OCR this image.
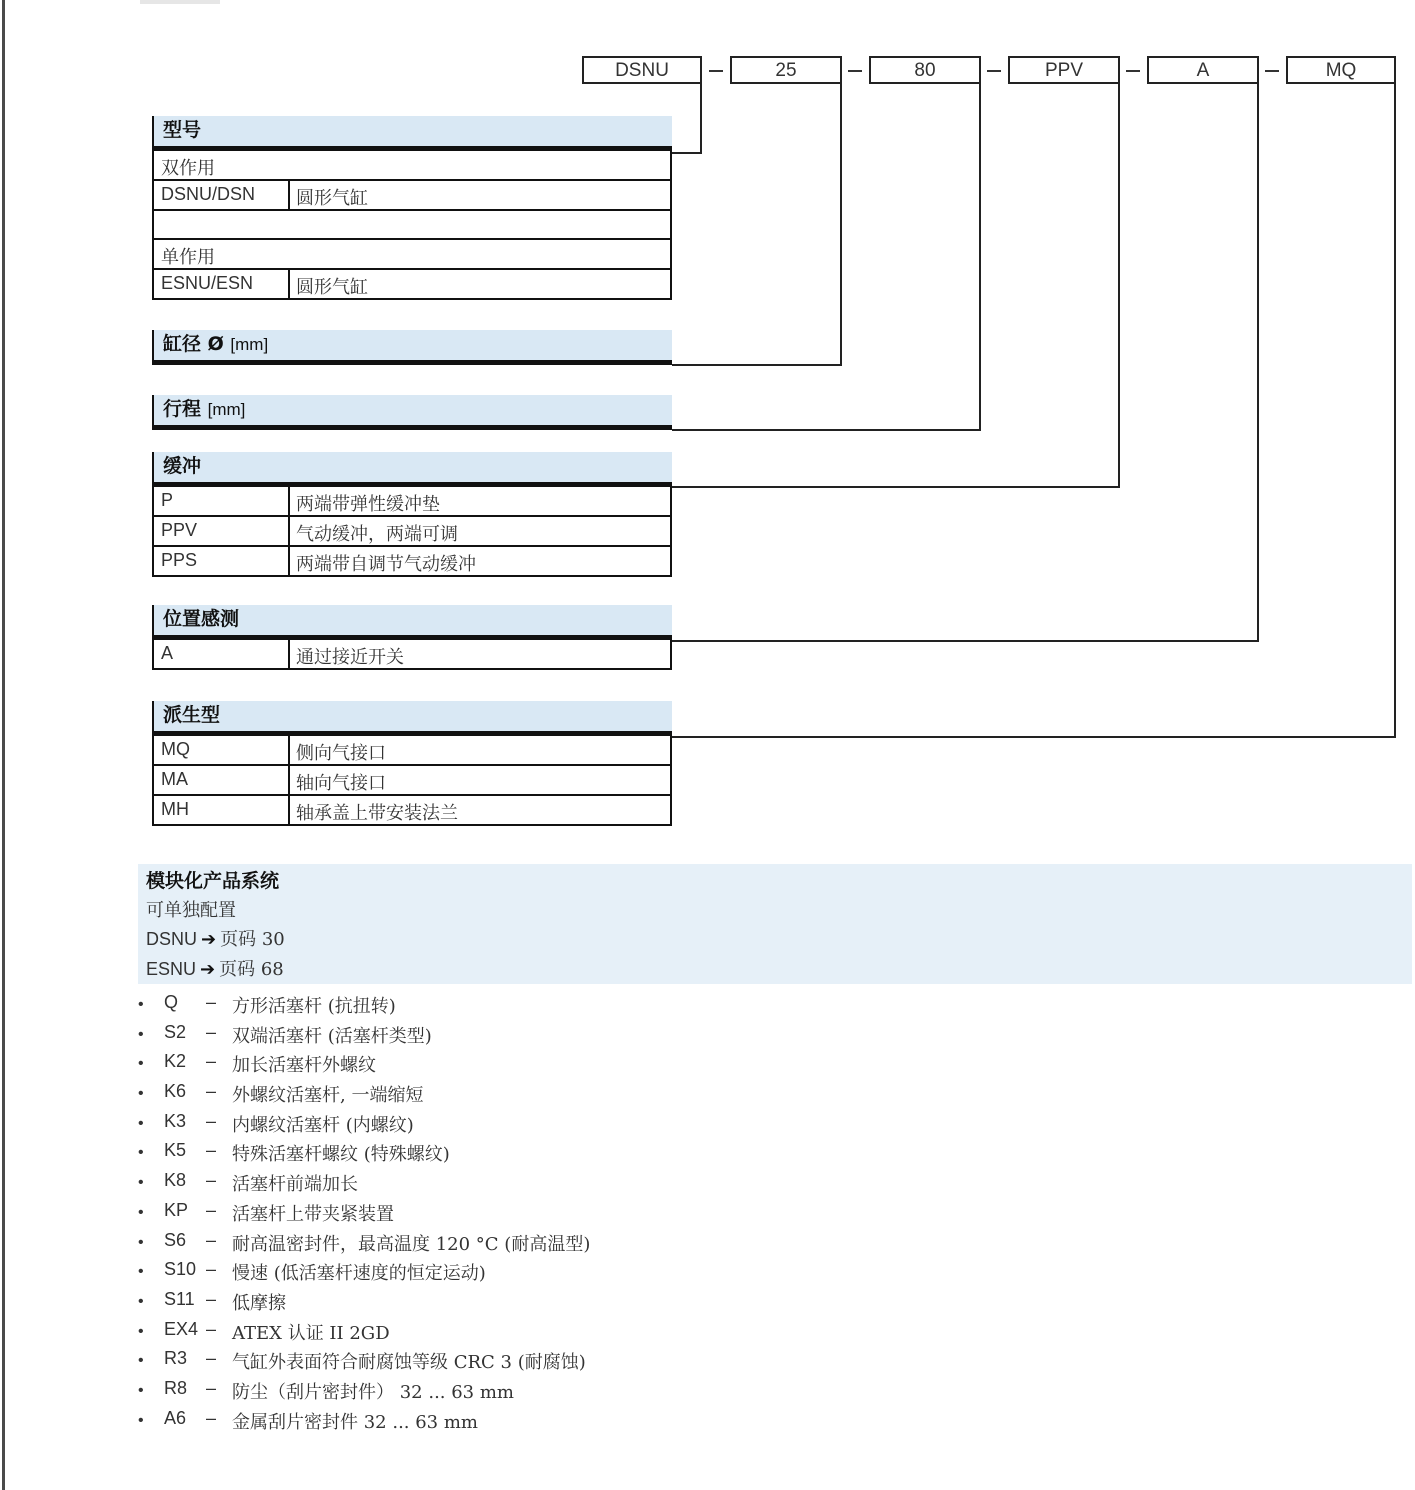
DSNU	25	80	PPV	A	MQ
型号
双作用
DSNU/DSN 圆形气缸
单作用
ESNU/ESN 圆形气缸
缸径 Ø [mm]
行程 [mm]
缓冲
P	两端带弹性缓冲垫
PPV	气动缓冲，两端可调
PPS	两端带自调节气动缓冲
位置感测
A	通过接近开关
派生型
MQ	侧向气接口
MA	轴向气接口
MH	轴承盖上带安装法兰
模块化产品系统
可单独配置
DSNU ➔ 页码 30
ESNU ➔ 页码 68
• Q – 方形活塞杆 (抗扭转)
• S2 – 双端活塞杆 (活塞杆类型)
• K2 – 加长活塞杆外螺纹
• K6 – 外螺纹活塞杆, 一端缩短
• K3 – 内螺纹活塞杆 (内螺纹)
• K5 – 特殊活塞杆螺纹 (特殊螺纹)
• K8 – 活塞杆前端加长
• KP – 活塞杆上带夹紧装置
• S6 – 耐高温密封件，最高温度 120 °C (耐高温型)
• S10 – 慢速 (低活塞杆速度的恒定运动)
• S11 – 低摩擦
• EX4 – ATEX 认证 II 2GD
• R3 – 气缸外表面符合耐腐蚀等级 CRC 3 (耐腐蚀)
• R8 – 防尘（刮片密封件） 32 ... 63 mm
• A6 – 金属刮片密封件 32 ... 63 mm
